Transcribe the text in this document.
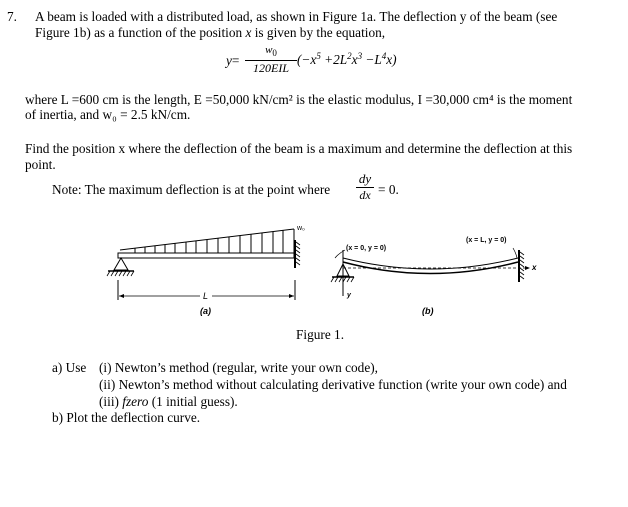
7. A beam is loaded with a distributed load, as shown in Figure 1a. The deflection y of the beam (see
Figure 1b) as a function of the position x is given by the equation,
y=
$w_0$
120EIL
$(-x^5 +2L^2x^3 -L^4x)$
where L =600 cm is the length, E =50,000 kN/cm² is the elastic modulus, I =30,000 cm⁴ is the moment
of inertia, and w₀ = 2.5 kN/cm.
Find the position x where the deflection of the beam is a maximum and determine the deflection at this
point.
Note: The maximum deflection is at the point where
dy
dx = 0.
w₀
L
(a)
(x = 0, y = 0)
(x = L, y = 0)
x
y
(b)
Figure 1.
a) Use (i) Newton’s method (regular, write your own code),
(ii) Newton’s method without calculating derivative function (write your own code) and
(iii) fzero (1 initial guess).
b) Plot the deflection curve.
